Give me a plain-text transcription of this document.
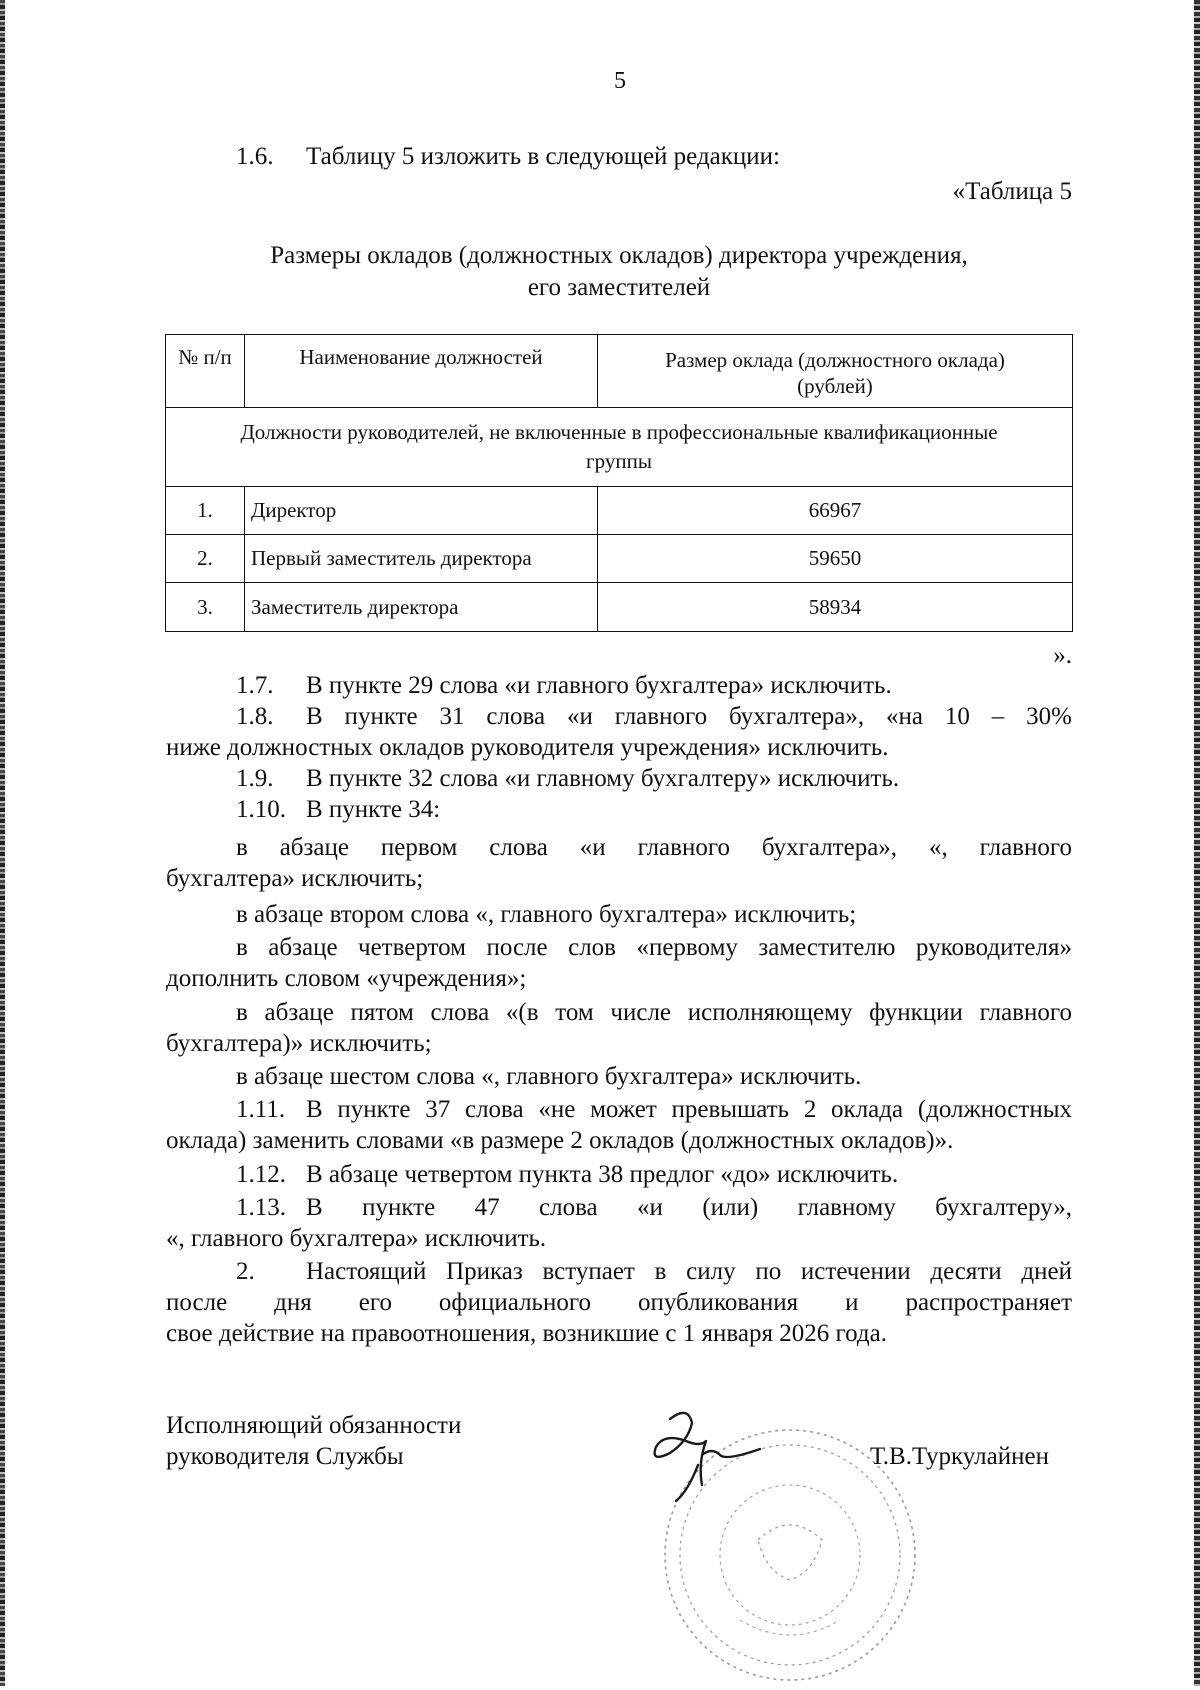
5
1.6. Таблицу 5 изложить в следующей редакции:
«Таблица 5
Размеры окладов (должностных окладов) директора учреждения,
его заместителей
№ п/п	Наименование должностей	Размер оклада (должностного оклада)
(рублей)

Должности руководителей, не включенные в профессиональные квалификационные
группы		

1.	Директор	66967
2.	Первый заместитель директора	59650
3.	Заместитель директора	58934
».
1.7. В пункте 29 слова «и главного бухгалтера» исключить.
1.8. В пункте 31 слова «и главного бухгалтера», «на 10 – 30%
ниже должностных окладов руководителя учреждения» исключить.
1.9. В пункте 32 слова «и главному бухгалтеру» исключить.
1.10. В пункте 34:
в абзаце первом слова «и главного бухгалтера», «, главного
бухгалтера» исключить;
в абзаце втором слова «, главного бухгалтера» исключить;
в абзаце четвертом после слов «первому заместителю руководителя»
дополнить словом «учреждения»;
в абзаце пятом слова «(в том числе исполняющему функции главного
бухгалтера)» исключить;
в абзаце шестом слова «, главного бухгалтера» исключить.
1.11. В пункте 37 слова «не может превышать 2 оклада (должностных
оклада) заменить словами «в размере 2 окладов (должностных окладов)».
1.12. В абзаце четвертом пункта 38 предлог «до» исключить.
1.13. В пункте 47 слова «и (или) главному бухгалтеру»,
«, главного бухгалтера» исключить.
2. Настоящий Приказ вступает в силу по истечении десяти дней
после дня его официального опубликования и распространяет
свое действие на правоотношения, возникшие с 1 января 2026 года.
Исполняющий обязанности
руководителя Службы	Т.В.Туркулайнен
